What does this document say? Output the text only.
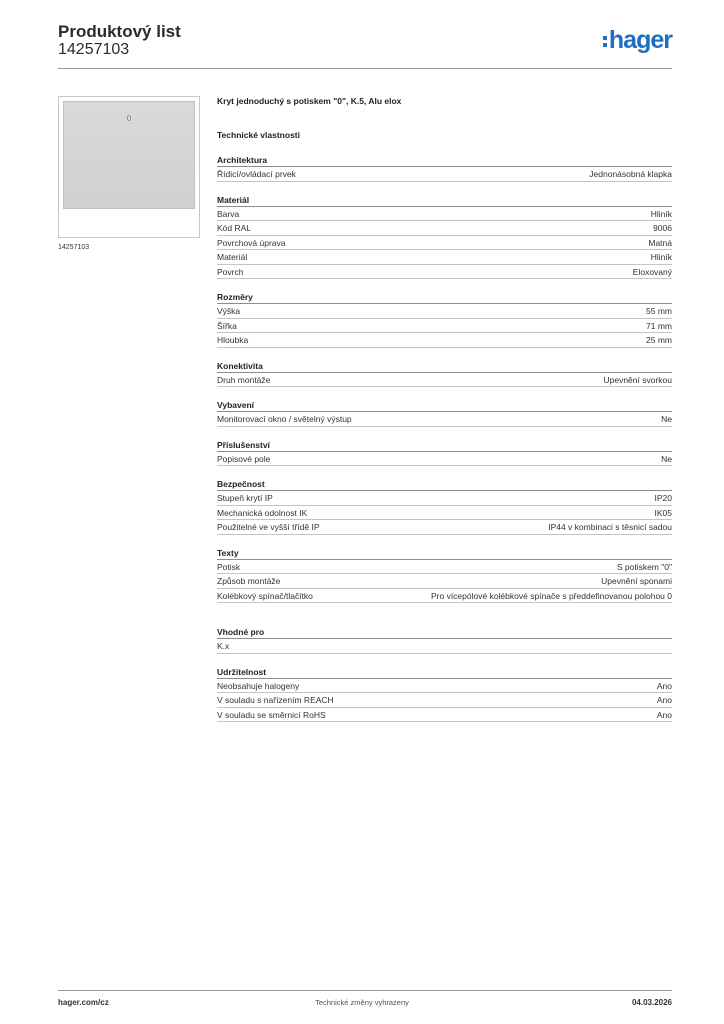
Produktový list
14257103	hager
0
14257103
Kryt jednoduchý s potiskem "0", K.5, Alu elox
Technické vlastnosti
Architektura
Řídicí/ovládací prvek	Jednonásobná klapka
Materiál
Barva	Hliník
Kód RAL	9006
Povrchová úprava	Matná
Materiál	Hliník
Povrch	Eloxovaný
Rozměry
Výška	55 mm
Šířka	71 mm
Hloubka	25 mm
Konektivita
Druh montáže	Upevnění svorkou
Vybavení
Monitorovací okno / světelný výstup	Ne
Příslušenství
Popisové pole	Ne
Bezpečnost
Stupeň krytí IP	IP20
Mechanická odolnost IK	IK05
Použitelné ve vyšší třídě IP	IP44 v kombinaci s těsnicí sadou
Texty
Potisk	S potiskem "0"
Způsob montáže	Upevnění sponami
Kolébkový spínač/tlačítko	Pro vícepólové kolébkové spínače s předdefinovanou polohou 0
Vhodné pro
K.x
Udržitelnost
Neobsahuje halogeny	Ano
V souladu s nařízením REACH	Ano
V souladu se směrnicí RoHS	Ano
hager.com/cz	Technické změny vyhrazeny	04.03.2026
